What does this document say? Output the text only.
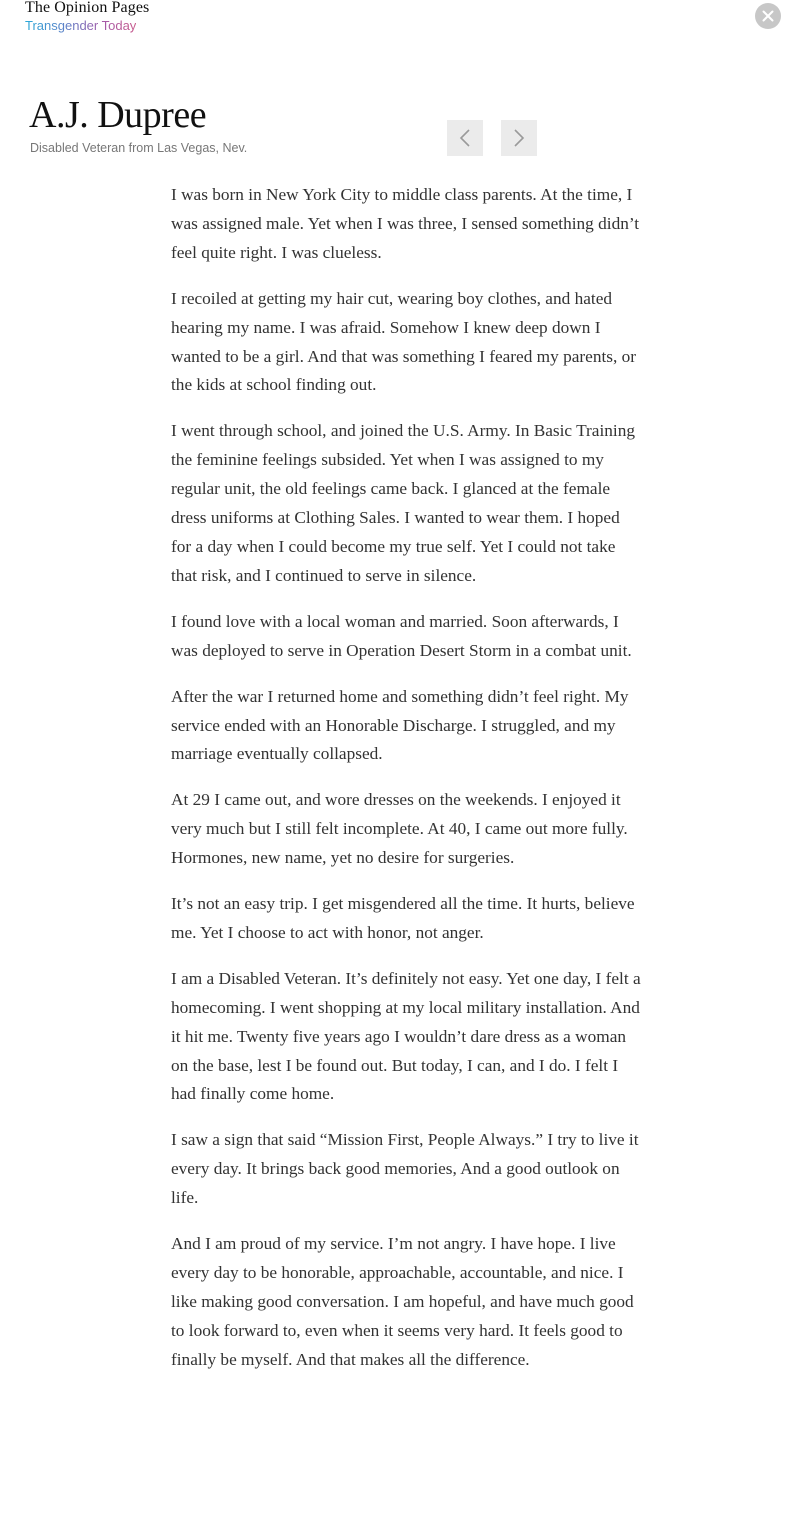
The Opinion Pages
Transgender Today
A.J. Dupree
Disabled Veteran from Las Vegas, Nev.

I was born in New York City to middle class parents. At the time, I was assigned male. Yet when I was three, I sensed something didn’t feel quite right. I was clueless.

I recoiled at getting my hair cut, wearing boy clothes, and hated hearing my name. I was afraid. Somehow I knew deep down I wanted to be a girl. And that was something I feared my parents, or the kids at school finding out.

I went through school, and joined the U.S. Army. In Basic Training the feminine feelings subsided. Yet when I was assigned to my regular unit, the old feelings came back. I glanced at the female dress uniforms at Clothing Sales. I wanted to wear them. I hoped for a day when I could become my true self. Yet I could not take that risk, and I continued to serve in silence.

I found love with a local woman and married. Soon afterwards, I was deployed to serve in Operation Desert Storm in a combat unit.

After the war I returned home and something didn’t feel right. My service ended with an Honorable Discharge. I struggled, and my marriage eventually collapsed.

At 29 I came out, and wore dresses on the weekends. I enjoyed it very much but I still felt incomplete. At 40, I came out more fully. Hormones, new name, yet no desire for surgeries.

It’s not an easy trip. I get misgendered all the time. It hurts, believe me. Yet I choose to act with honor, not anger.

I am a Disabled Veteran. It’s definitely not easy. Yet one day, I felt a homecoming. I went shopping at my local military installation. And it hit me. Twenty five years ago I wouldn’t dare dress as a woman on the base, lest I be found out. But today, I can, and I do. I felt I had finally come home.

I saw a sign that said “Mission First, People Always.” I try to live it every day. It brings back good memories, And a good outlook on life.

And I am proud of my service. I’m not angry. I have hope. I live every day to be honorable, approachable, accountable, and nice. I like making good conversation. I am hopeful, and have much good to look forward to, even when it seems very hard. It feels good to finally be myself. And that makes all the difference.
